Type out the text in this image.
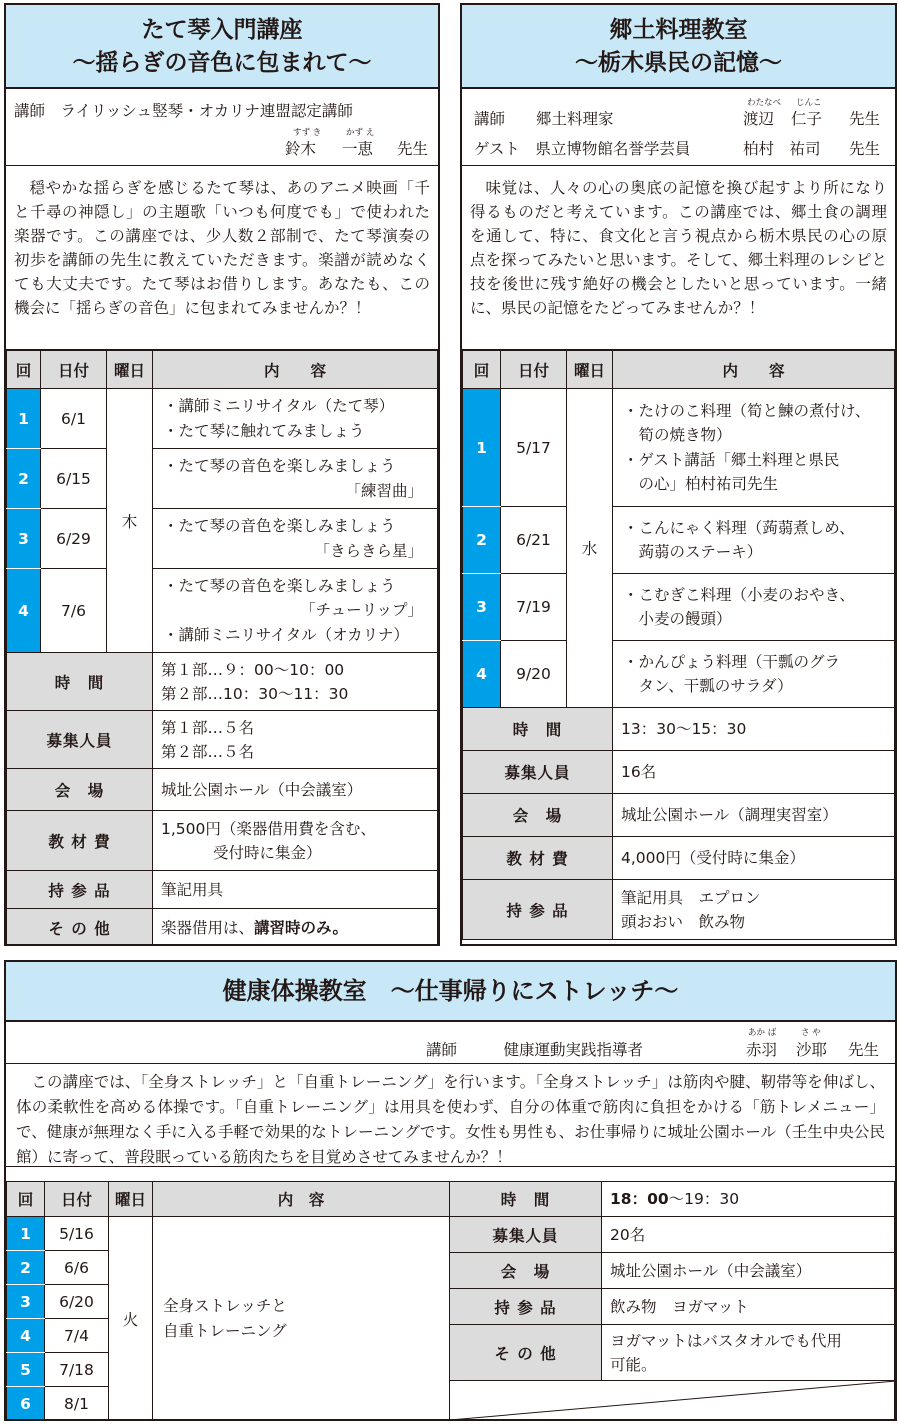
たて琴入門講座
～揺らぎの音色に包まれて～
講師　ライリッシュ竪琴・オカリナ連盟認定講師
すず き	かず え
鈴木 一恵 先生
穏やかな揺らぎを感じるたて琴は、あのアニメ映画「千と千尋の神隠し」の主題歌「いつも何度でも」で使われた楽器です。この講座では、少人数２部制で、たて琴演奏の初歩を講師の先生に教えていただきます。楽譜が読めなくても大丈夫です。たて琴はお借りします。あなたも、この機会に「揺らぎの音色」に包まれてみませんか？！
回	日付	曜日	内　　容
1	6/1	木	・講師ミニリサイタル（たて琴）
・たて琴に触れてみましょう

2	6/15		・たて琴の音色を楽しみましょう
「練習曲」

3	6/29		・たて琴の音色を楽しみましょう
「きらきら星」

4	7/6		・たて琴の音色を楽しみましょう
「チューリップ」
・講師ミニリサイタル（オカリナ）
時　間	第１部…９：00～10：00
第２部…10：30～11：30

募集人員	第１部…５名
第２部…５名

会　場	城址公園ホール（中会議室）
教 材 費	1,500円（楽器借用費を含む、
受付時に集金）

持 参 品	筆記用具
そ の 他	楽器借用は、講習時のみ。
郷土料理教室
～栃木県民の記憶～
講師　　郷土料理家
わたなべ じんこ
渡辺 仁子 先生
ゲスト　県立博物館名誉学芸員	柏村　祐司 先生
味覚は、人々の心の奥底の記憶を換び起すより所になり得るものだと考えています。この講座では、郷土食の調理を通して、特に、食文化と言う視点から栃木県民の心の原点を探ってみたいと思います。そして、郷土料理のレシピと技を後世に残す絶好の機会としたいと思っています。一緒に、県民の記憶をたどってみませんか？！
回	日付	曜日	内　　容
1	5/17	水	・たけのこ料理（筍と鰊の煮付け、
　筍の焼き物）
・ゲスト講話「郷土料理と県民
　の心」柏村祐司先生

2	6/21		・こんにゃく料理（蒟蒻煮しめ、
　蒟蒻のステーキ）

3	7/19		・こむぎこ料理（小麦のおやき、
　小麦の饅頭）

4	9/20		・かんぴょう料理（干瓢のグラ
　タン、干瓢のサラダ）
時　間	13：30～15：30
募集人員	16名
会　場	城址公園ホール（調理実習室）
教 材 費	4,000円（受付時に集金）
持 参 品	筆記用具　エプロン
頭おおい　飲み物
健康体操教室　～仕事帰りにストレッチ～
講師　　　健康運動実践指導者
あか ば	さ や
赤羽 沙耶 先生
この講座では、「全身ストレッチ」と「自重トレーニング」を行います。「全身ストレッチ」は筋肉や腱、靭帯等を伸ばし、体の柔軟性を高める体操です。「自重トレーニング」は用具を使わず、自分の体重で筋肉に負担をかける「筋トレメニュー」で、健康が無理なく手に入る手軽で効果的なトレーニングです。女性も男性も、お仕事帰りに城址公園ホール（壬生中央公民館）に寄って、普段眠っている筋肉たちを目覚めさせてみませんか？！
回	日付	曜日	内　容
1	5/16	火	全身ストレッチと
自重トレーニング

2	6/6		
3	6/20		
4	7/4		
5	7/18		
6	8/1		
時　間	18：00～19：30
募集人員	20名
会　場	城址公園ホール（中会議室）
持 参 品	飲み物　ヨガマット
そ の 他	ヨガマットはバスタオルでも代用
可能。
